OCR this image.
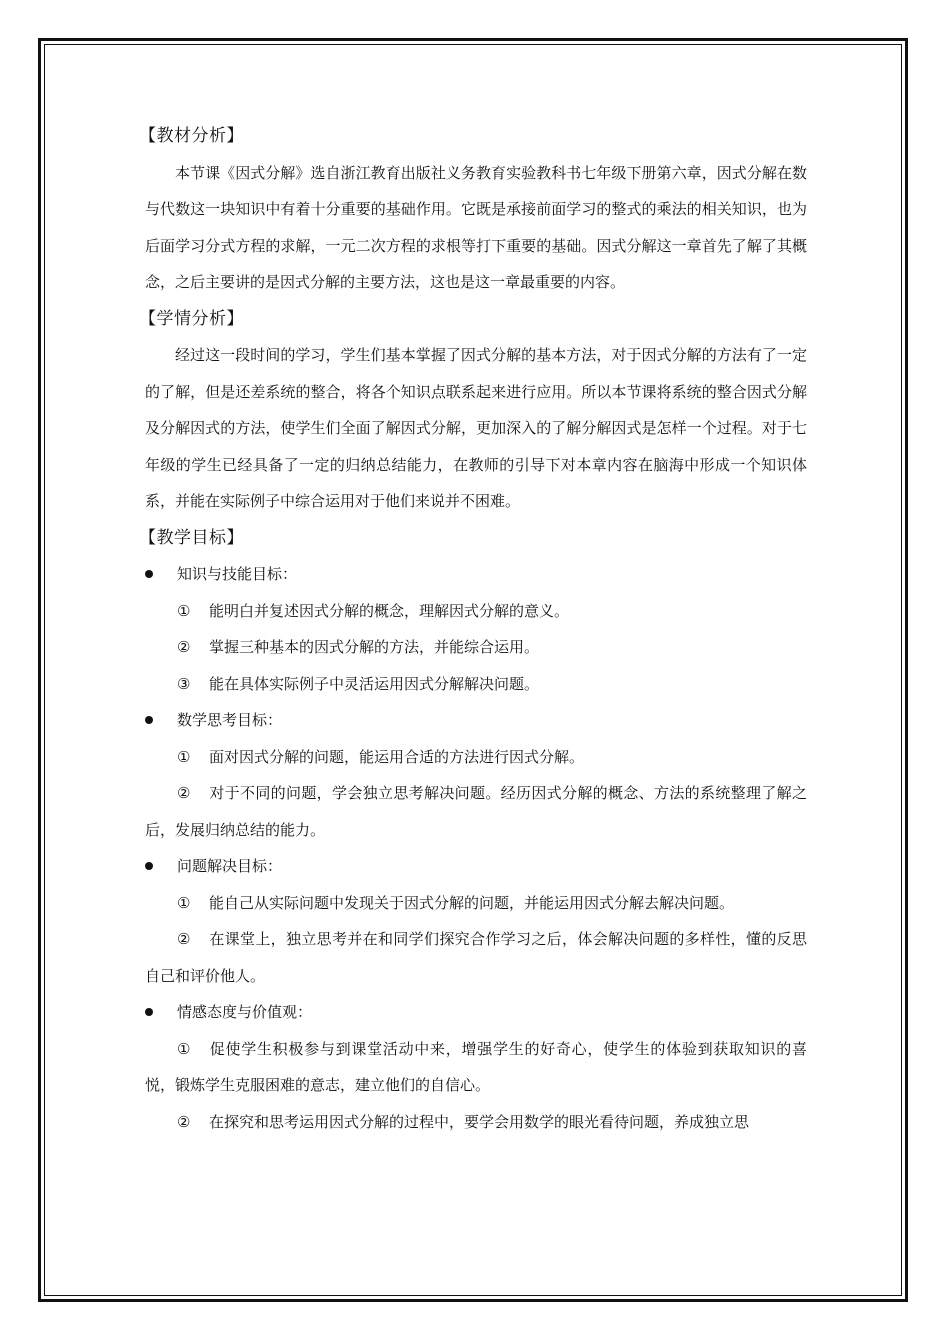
【教材分析】

本节课《因式分解》选自浙江教育出版社义务教育实验教科书七年级下册第六章，因式分解在数与代数这一块知识中有着十分重要的基础作用。它既是承接前面学习的整式的乘法的相关知识，也为后面学习分式方程的求解，一元二次方程的求根等打下重要的基础。因式分解这一章首先了解了其概念，之后主要讲的是因式分解的主要方法，这也是这一章最重要的内容。

【学情分析】

经过这一段时间的学习，学生们基本掌握了因式分解的基本方法，对于因式分解的方法有了一定的了解，但是还差系统的整合，将各个知识点联系起来进行应用。所以本节课将系统的整合因式分解及分解因式的方法，使学生们全面了解因式分解，更加深入的了解分解因式是怎样一个过程。对于七年级的学生已经具备了一定的归纳总结能力，在教师的引导下对本章内容在脑海中形成一个知识体系，并能在实际例子中综合运用对于他们来说并不困难。

【教学目标】
知识与技能目标：

① 能明白并复述因式分解的概念，理解因式分解的意义。

② 掌握三种基本的因式分解的方法，并能综合运用。

③ 能在具体实际例子中灵活运用因式分解解决问题。

数学思考目标：

① 面对因式分解的问题，能运用合适的方法进行因式分解。

② 对于不同的问题，学会独立思考解决问题。经历因式分解的概念、方法的系统整理了解之后，发展归纳总结的能力。

问题解决目标：

① 能自己从实际问题中发现关于因式分解的问题，并能运用因式分解去解决问题。

② 在课堂上，独立思考并在和同学们探究合作学习之后，体会解决问题的多样性，懂的反思自己和评价他人。

情感态度与价值观：

① 促使学生积极参与到课堂活动中来，增强学生的好奇心，使学生的体验到获取知识的喜悦，锻炼学生克服困难的意志，建立他们的自信心。

② 在探究和思考运用因式分解的过程中，要学会用数学的眼光看待问题，养成独立思
